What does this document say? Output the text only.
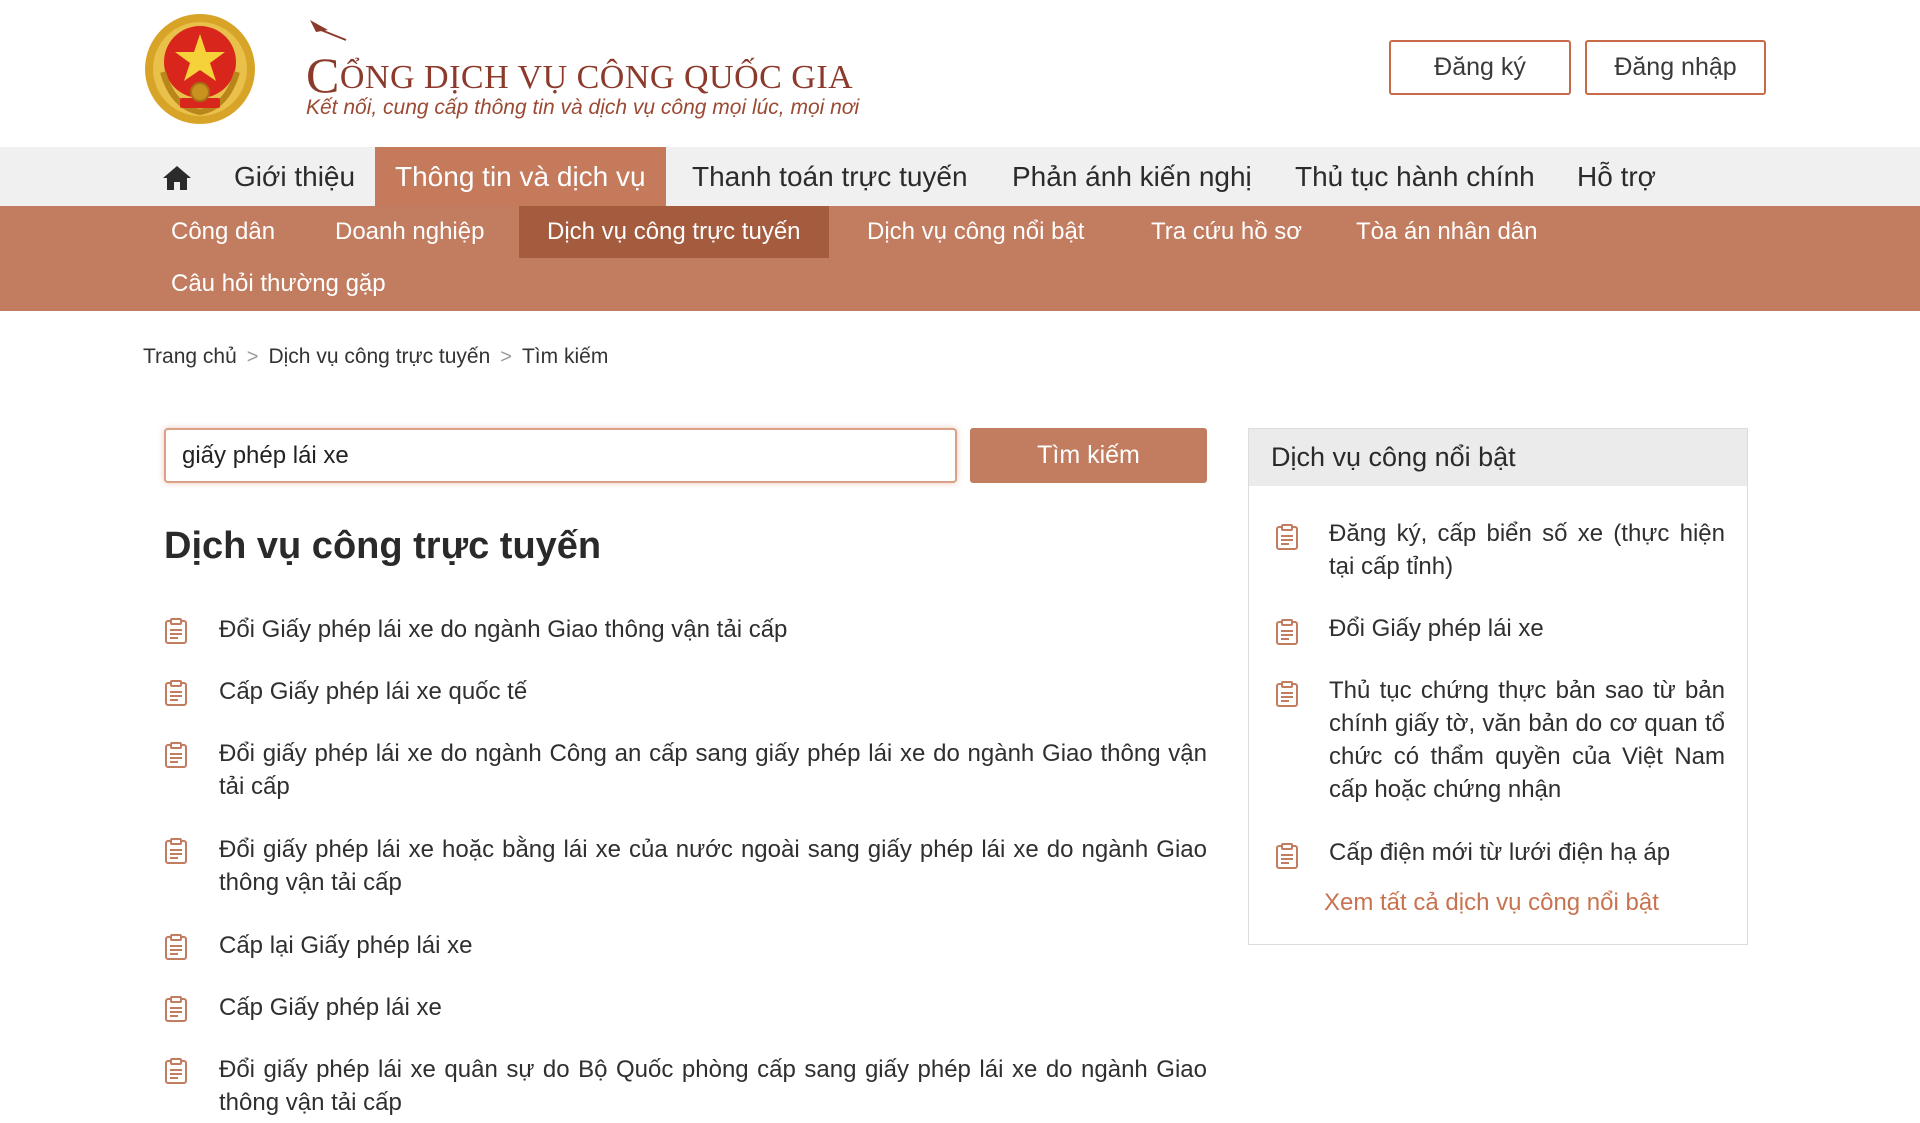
CỔNG DỊCH VỤ CÔNG QUỐC GIA
Kết nối, cung cấp thông tin và dịch vụ công mọi lúc, mọi nơi
Đăng ký	Đăng nhập
Giới thiệu	Thông tin và dịch vụ	Thanh toán trực tuyến Phản ánh kiến nghị Thủ tục hành chính Hỗ trợ
Công dân Doanh nghiệp	Dịch vụ công trực tuyến	Dịch vụ công nổi bật	Tra cứu hồ sơ Tòa án nhân dân
Câu hỏi thường gặp
Trang chủ > Dịch vụ công trực tuyến > Tìm kiếm
giấy phép lái xe
Tìm kiếm
Dịch vụ công trực tuyến
Đổi Giấy phép lái xe do ngành Giao thông vận tải cấp
Cấp Giấy phép lái xe quốc tế
Đổi giấy phép lái xe do ngành Công an cấp sang giấy phép lái xe do ngành Giao thông vận tải cấp
Đổi giấy phép lái xe hoặc bằng lái xe của nước ngoài sang giấy phép lái xe do ngành Giao thông vận tải cấp
Cấp lại Giấy phép lái xe
Cấp Giấy phép lái xe
Đổi giấy phép lái xe quân sự do Bộ Quốc phòng cấp sang giấy phép lái xe do ngành Giao thông vận tải cấp
Dịch vụ công nổi bật
Đăng ký, cấp biển số xe (thực hiện tại cấp tỉnh)
Đổi Giấy phép lái xe
Thủ tục chứng thực bản sao từ bản chính giấy tờ, văn bản do cơ quan tổ chức có thẩm quyền của Việt Nam cấp hoặc chứng nhận
Cấp điện mới từ lưới điện hạ áp
Xem tất cả dịch vụ công nổi bật
